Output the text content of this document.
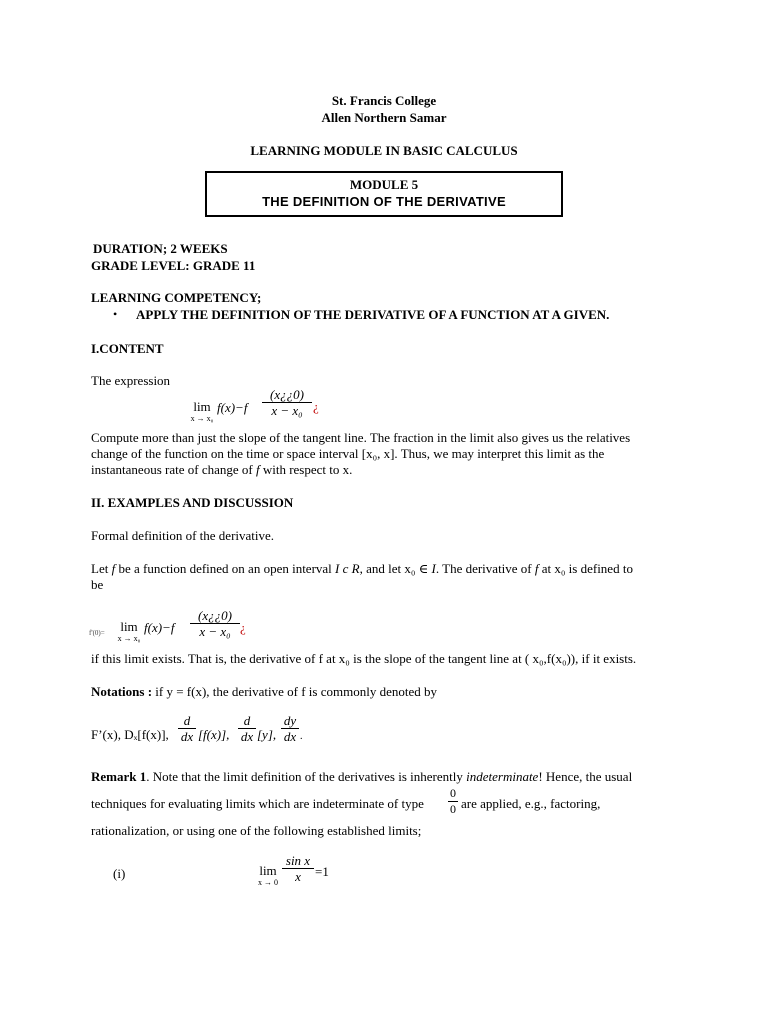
St. Francis College
Allen Northern Samar
LEARNING MODULE IN BASIC CALCULUS
MODULE 5
THE DEFINITION OF THE DERIVATIVE
DURATION; 2 WEEKS
GRADE LEVEL: GRADE 11
LEARNING COMPETENCY;
• APPLY THE DEFINITION OF THE DERIVATIVE OF A FUNCTION AT A GIVEN.
I.CONTENT
The expression
lim
x → x₀
f(x)−f
(x¿¿0)
x − x₀ ¿
Compute more than just the slope of the tangent line. The fraction in the limit also gives us the relatives
change of the function on the time or space interval [x₀, x]. Thus, we may interpret this limit as the
instantaneous rate of change of f with respect to x.
II. EXAMPLES AND DISCUSSION
Formal definition of the derivative.
Let f be a function defined on an open interval I c R, and let x₀ ∈ I. The derivative of f at x₀ is defined to
be
f'(0)=	lim
x → x₀
f(x)−f
(x¿¿0)
x − x₀ ¿
if this limit exists. That is, the derivative of f at x₀ is the slope of the tangent line at ( x₀,f(x₀)), if it exists.
Notations : if y = f(x), the derivative of f is commonly denoted by
F’(x), Dₓ[f(x)],
d
dx [f(x)],
d
dx [y],
dy
dx .
Remark 1. Note that the limit definition of the derivatives is inherently indeterminate! Hence, the usual
techniques for evaluating limits which are indeterminate of type
0
0 are applied, e.g., factoring,
rationalization, or using one of the following established limits;
(i)	lim
x → 0
sin x
x	=1
